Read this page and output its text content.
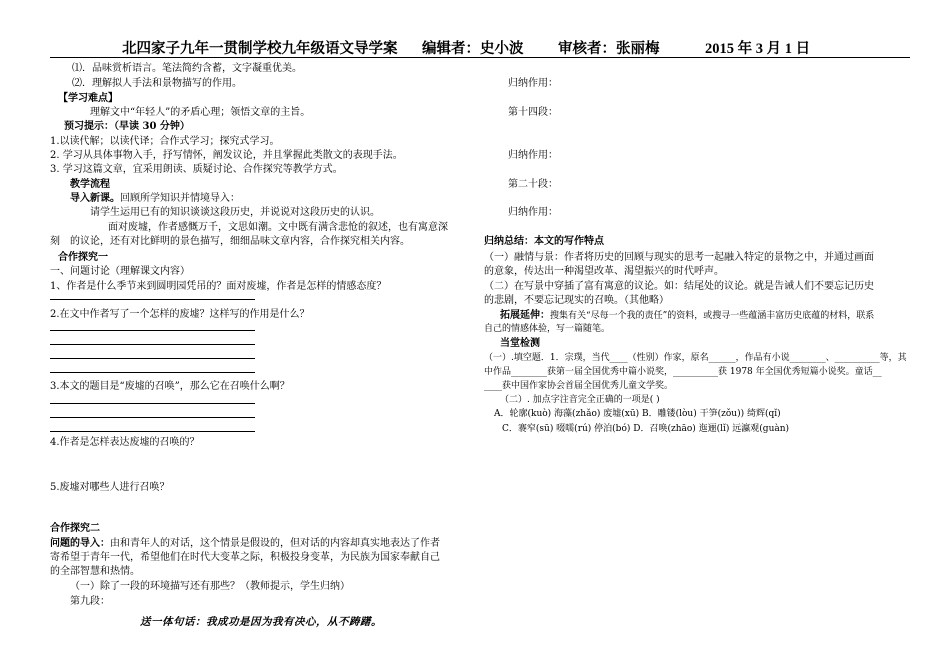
北四家子九年一贯制学校九年级语文导学案 编辑者：史小波 审核者：张丽梅	2015 年 3 月 1 日
⑴．品味赏析语言。笔法简约含蓄，文字凝重优美。
⑵．理解拟人手法和景物描写的作用。
【学习难点】
理解文中“年轻人”的矛盾心理；领悟文章的主旨。
预习提示：（早读 30 分钟）
1.以读代解；以读代译；合作式学习；探究式学习。
2. 学习从具体事物入手，抒写情怀，阐发议论，并且掌握此类散文的表现手法。
3. 学习这篇文章，宜采用朗读、质疑讨论、合作探究等教学方式。
教学流程
导入新课。回顾所学知识并情境导入：
请学生运用已有的知识谈谈这段历史，并说说对这段历史的认识。
面对废墟，作者感慨万千，文思如潮。文中既有满含悲怆的叙述，也有寓意深
刻 的议论，还有对比鲜明的景色描写，细细品味文章内容，合作探究相关内容。
合作探究一
一、问题讨论（理解课文内容）
1、作者是什么季节来到圆明园凭吊的？面对废墟，作者是怎样的情感态度？
2.在文中作者写了一个怎样的废墟？这样写的作用是什么？
3.本文的题目是“废墟的召唤”，那么它在召唤什么啊？
4.作者是怎样表达废墟的召唤的？
5.废墟对哪些人进行召唤？
合作探究二
问题的导入：由和青年人的对话，这个情景是假设的，但对话的内容却真实地表达了作者
寄希望于青年一代，希望他们在时代大变革之际，积极投身变革，为民族为国家奉献自己
的全部智慧和热情。
（一）除了一段的环境描写还有那些？（教师提示，学生归纳）
第九段：
归纳作用：
第十四段：
归纳作用：
第二十段：
归纳作用：
归纳总结：本文的写作特点
（一）融情与景：作者将历史的回顾与现实的思考一起融入特定的景物之中，并通过画面
的意象，传达出一种渴望改革、渴望振兴的时代呼声。
（二）在写景中穿插了富有寓意的议论。如：结尾处的议论。就是告诫人们不要忘记历史
的悲剧，不要忘记现实的召唤。（其他略）
拓展延伸：搜集有关“尽每一个我的责任”的资料，或搜寻一些蕴涵丰富历史底蕴的材料，联系
自己的情感体验，写一篇随笔。
当堂检测
（一）.填空题．1．宗璞，当代____（性别）作家，原名______，作品有小说________、__________等，其
中作品________获第一届全国优秀中篇小说奖，__________获 1978 年全国优秀短篇小说奖。童话__
____获中国作家协会首届全国优秀儿童文学奖。
（二）. 加点字注音完全正确的一项是( )
A．轮廓(kuò) 海藻(zhǎo) 废墟(xū) B．雕镂(lòu) 干笋(zǒu)) 绮辉(qǐ)
C．褰窄(sū) 啜嚅(rú) 停泊(bó) D．召唤(zhāo) 迤逦(lǐ) 远瀛观(guàn)
送一体句话：我成功是因为我有决心，从不踌躇。
